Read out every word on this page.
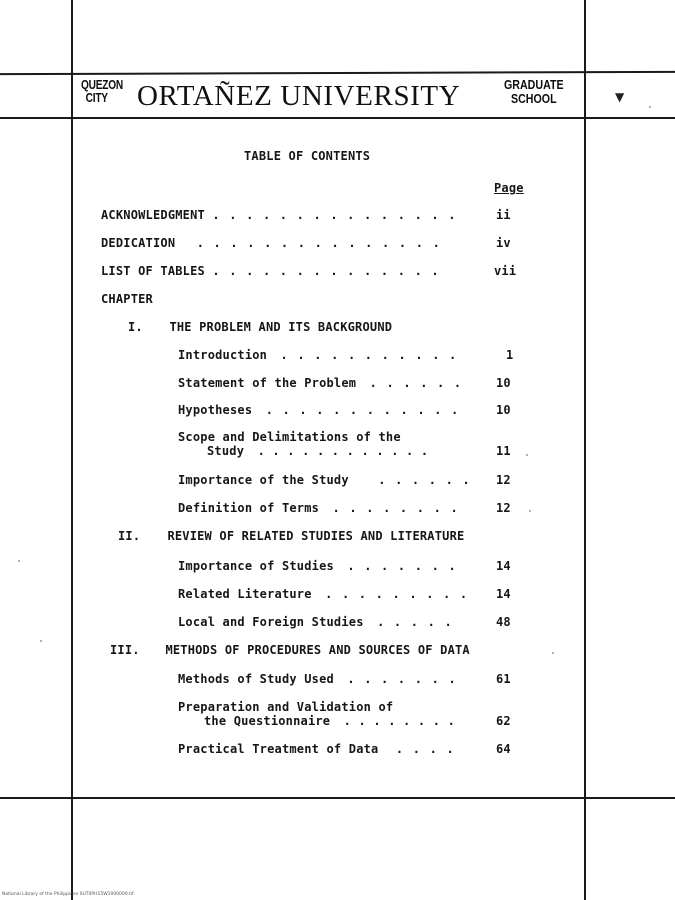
QUEZON
CITY	ORTAÑEZ UNIVERSITY	GRADUATE
SCHOOL	▼
TABLE OF CONTENTS
Page
ACKNOWLEDGMENT . . . . . . . . . . . . . . .	ii
DEDICATION . . . . . . . . . . . . . . .	iv
LIST OF TABLES . . . . . . . . . . . . . .	vii
CHAPTER
I. THE PROBLEM AND ITS BACKGROUND
Introduction . . . . . . . . . . .	1
Statement of the Problem . . . . . .	10
Hypotheses . . . . . . . . . . . .	10
Scope and Delimitations of the
Study . . . . . . . . . . . .	11
Importance of the Study . . . . . . 12
Definition of Terms . . . . . . . .	12
II. REVIEW OF RELATED STUDIES AND LITERATURE
Importance of Studies . . . . . . .	14
Related Literature . . . . . . . . . 14
Local and Foreign Studies . . . . .	48
III. METHODS OF PROCEDURES AND SOURCES OF DATA
Methods of Study Used . . . . . . .	61
Preparation and Validation of
the Questionnaire . . . . . . . .	62
Practical Treatment of Data . . . .	64
National Library of the Philippines 0UT0PH15W1000000.tif
